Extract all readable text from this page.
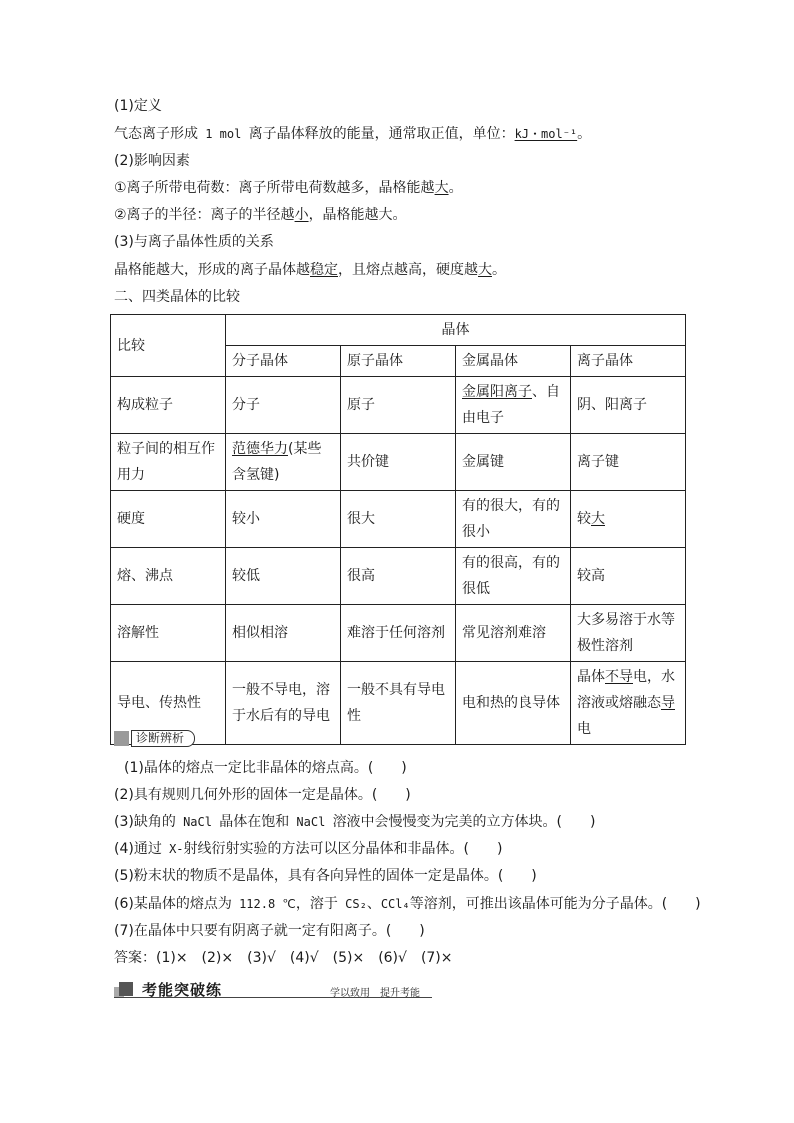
(1)定义
气态离子形成 1 mol 离子晶体释放的能量，通常取正值，单位：kJ・mol⁻¹。
(2)影响因素
①离子所带电荷数：离子所带电荷数越多，晶格能越大。
②离子的半径：离子的半径越小，晶格能越大。
(3)与离子晶体性质的关系
晶格能越大，形成的离子晶体越稳定，且熔点越高，硬度越大。
二、四类晶体的比较
比较	晶体			
	分子晶体	原子晶体	金属晶体	离子晶体
构成粒子	分子	原子	金属阳离子、自由电子	阴、阳离子
粒子间的相互作用力	范德华力(某些含氢键)	共价键	金属键	离子键
硬度	较小	很大	有的很大，有的很小	较大
熔、沸点	较低	很高	有的很高，有的很低	较高
溶解性	相似相溶	难溶于任何溶剂	常见溶剂难溶	大多易溶于水等极性溶剂
导电、传热性	一般不导电，溶于水后有的导电	一般不具有导电性	电和热的良导体	晶体不导电，水溶液或熔融态导电
诊断辨析
(1)晶体的熔点一定比非晶体的熔点高。(　　)
(2)具有规则几何外形的固体一定是晶体。(　　)
(3)缺角的 NaCl 晶体在饱和 NaCl 溶液中会慢慢变为完美的立方体块。(　　)
(4)通过 X-射线衍射实验的方法可以区分晶体和非晶体。(　　)
(5)粉末状的物质不是晶体，具有各向异性的固体一定是晶体。(　　)
(6)某晶体的熔点为 112.8 ℃，溶于 CS₂、CCl₄等溶剂，可推出该晶体可能为分子晶体。(　　)
(7)在晶体中只要有阴离子就一定有阳离子。(　　)
答案：(1)×　(2)×　(3)√　(4)√　(5)×　(6)√　(7)×
考能突破练	学以致用　提升考能
